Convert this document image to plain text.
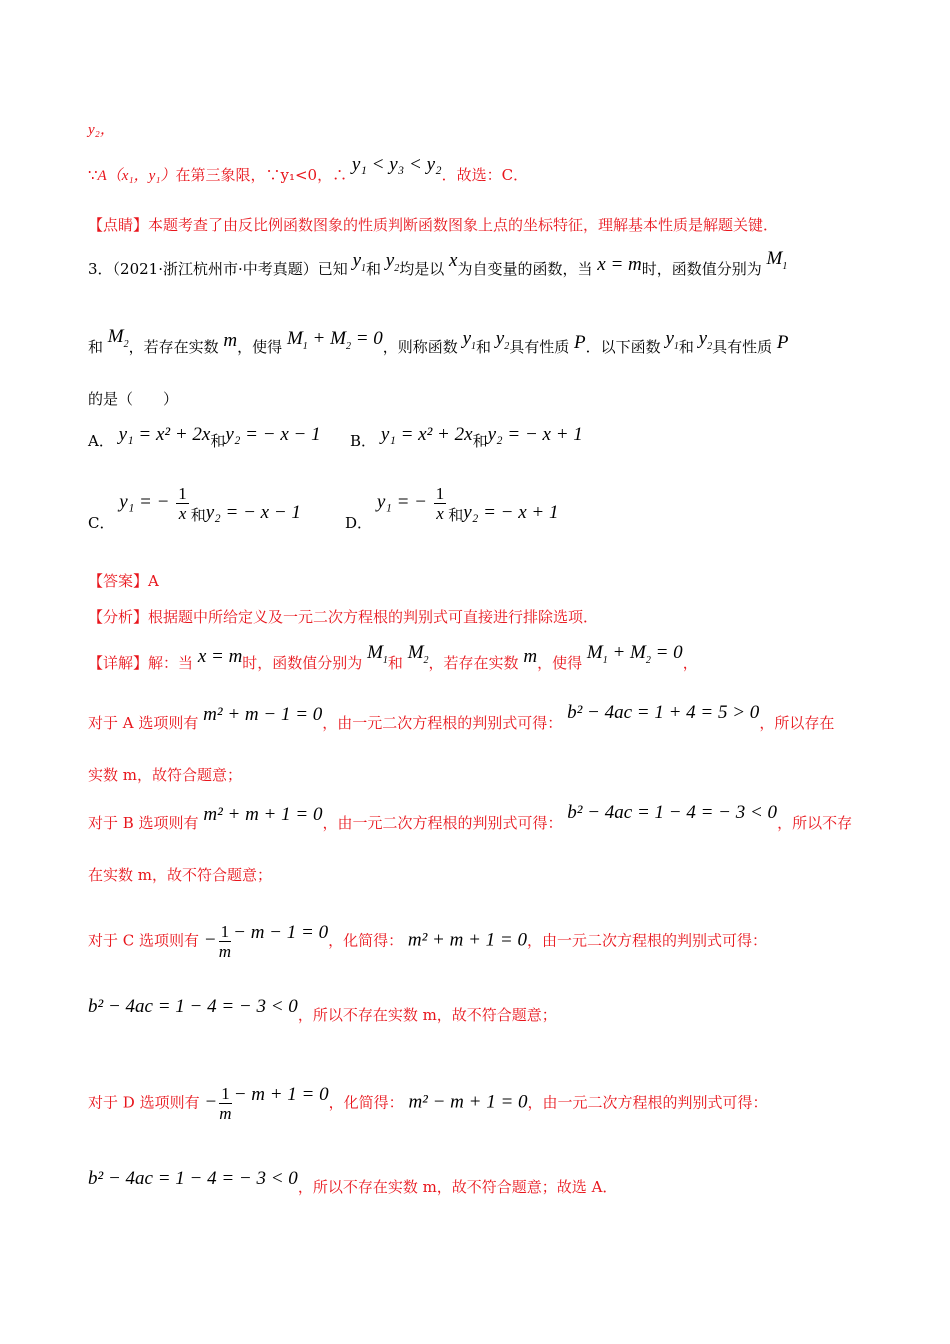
y₂，
∵A（x₁，y₁）在第三象限，∵y₁<0，∴ y₁ < y₃ < y₂．故选：C．
【点睛】本题考查了由反比例函数图象的性质判断函数图象上点的坐标特征，理解基本性质是解题关键．
3．（2021·浙江杭州市·中考真题）已知 $y_1$和 $y_2$均是以 x为自变量的函数，当 x = m时，函数值分别为 $M_1$
和 $M_2$，若存在实数 m，使得 $M_1 + M_2 = 0$，则称函数 $y_1$和 $y_2$具有性质 P．以下函数 $y_1$和 $y_2$具有性质 P
的是（　　）
A． y₁ = x² + 2x和y₂ = − x − 1 B． y₁ = x² + 2x和y₂ = − x + 1
C． y₁ = − $\frac{1}{x}$ 和y₂ = − x − 1	D． y₁ = − $\frac{1}{x}$ 和y₂ = − x + 1
【答案】A
【分析】根据题中所给定义及一元二次方程根的判别式可直接进行排除选项．
【详解】解：当 x = m时，函数值分别为 $M_1$和 $M_2$，若存在实数 m，使得 $M_1 + M_2 = 0$，
对于 A 选项则有 m² + m − 1 = 0，由一元二次方程根的判别式可得： b² − 4ac = 1 + 4 = 5 > 0，所以存在
实数 m，故符合题意；
对于 B 选项则有 m² + m + 1 = 0，由一元二次方程根的判别式可得： b² − 4ac = 1 − 4 = − 3 < 0，所以不存
在实数 m，故不符合题意；
对于 C 选项则有 − $\frac{1}{m} - m - 1 = 0$，化简得： m² + m + 1 = 0，由一元二次方程根的判别式可得：
b² − 4ac = 1 − 4 = − 3 < 0，所以不存在实数 m，故不符合题意；
对于 D 选项则有 − $\frac{1}{m} - m + 1 = 0$，化简得： m² − m + 1 = 0，由一元二次方程根的判别式可得：
b² − 4ac = 1 − 4 = − 3 < 0，所以不存在实数 m，故不符合题意；故选 A．
